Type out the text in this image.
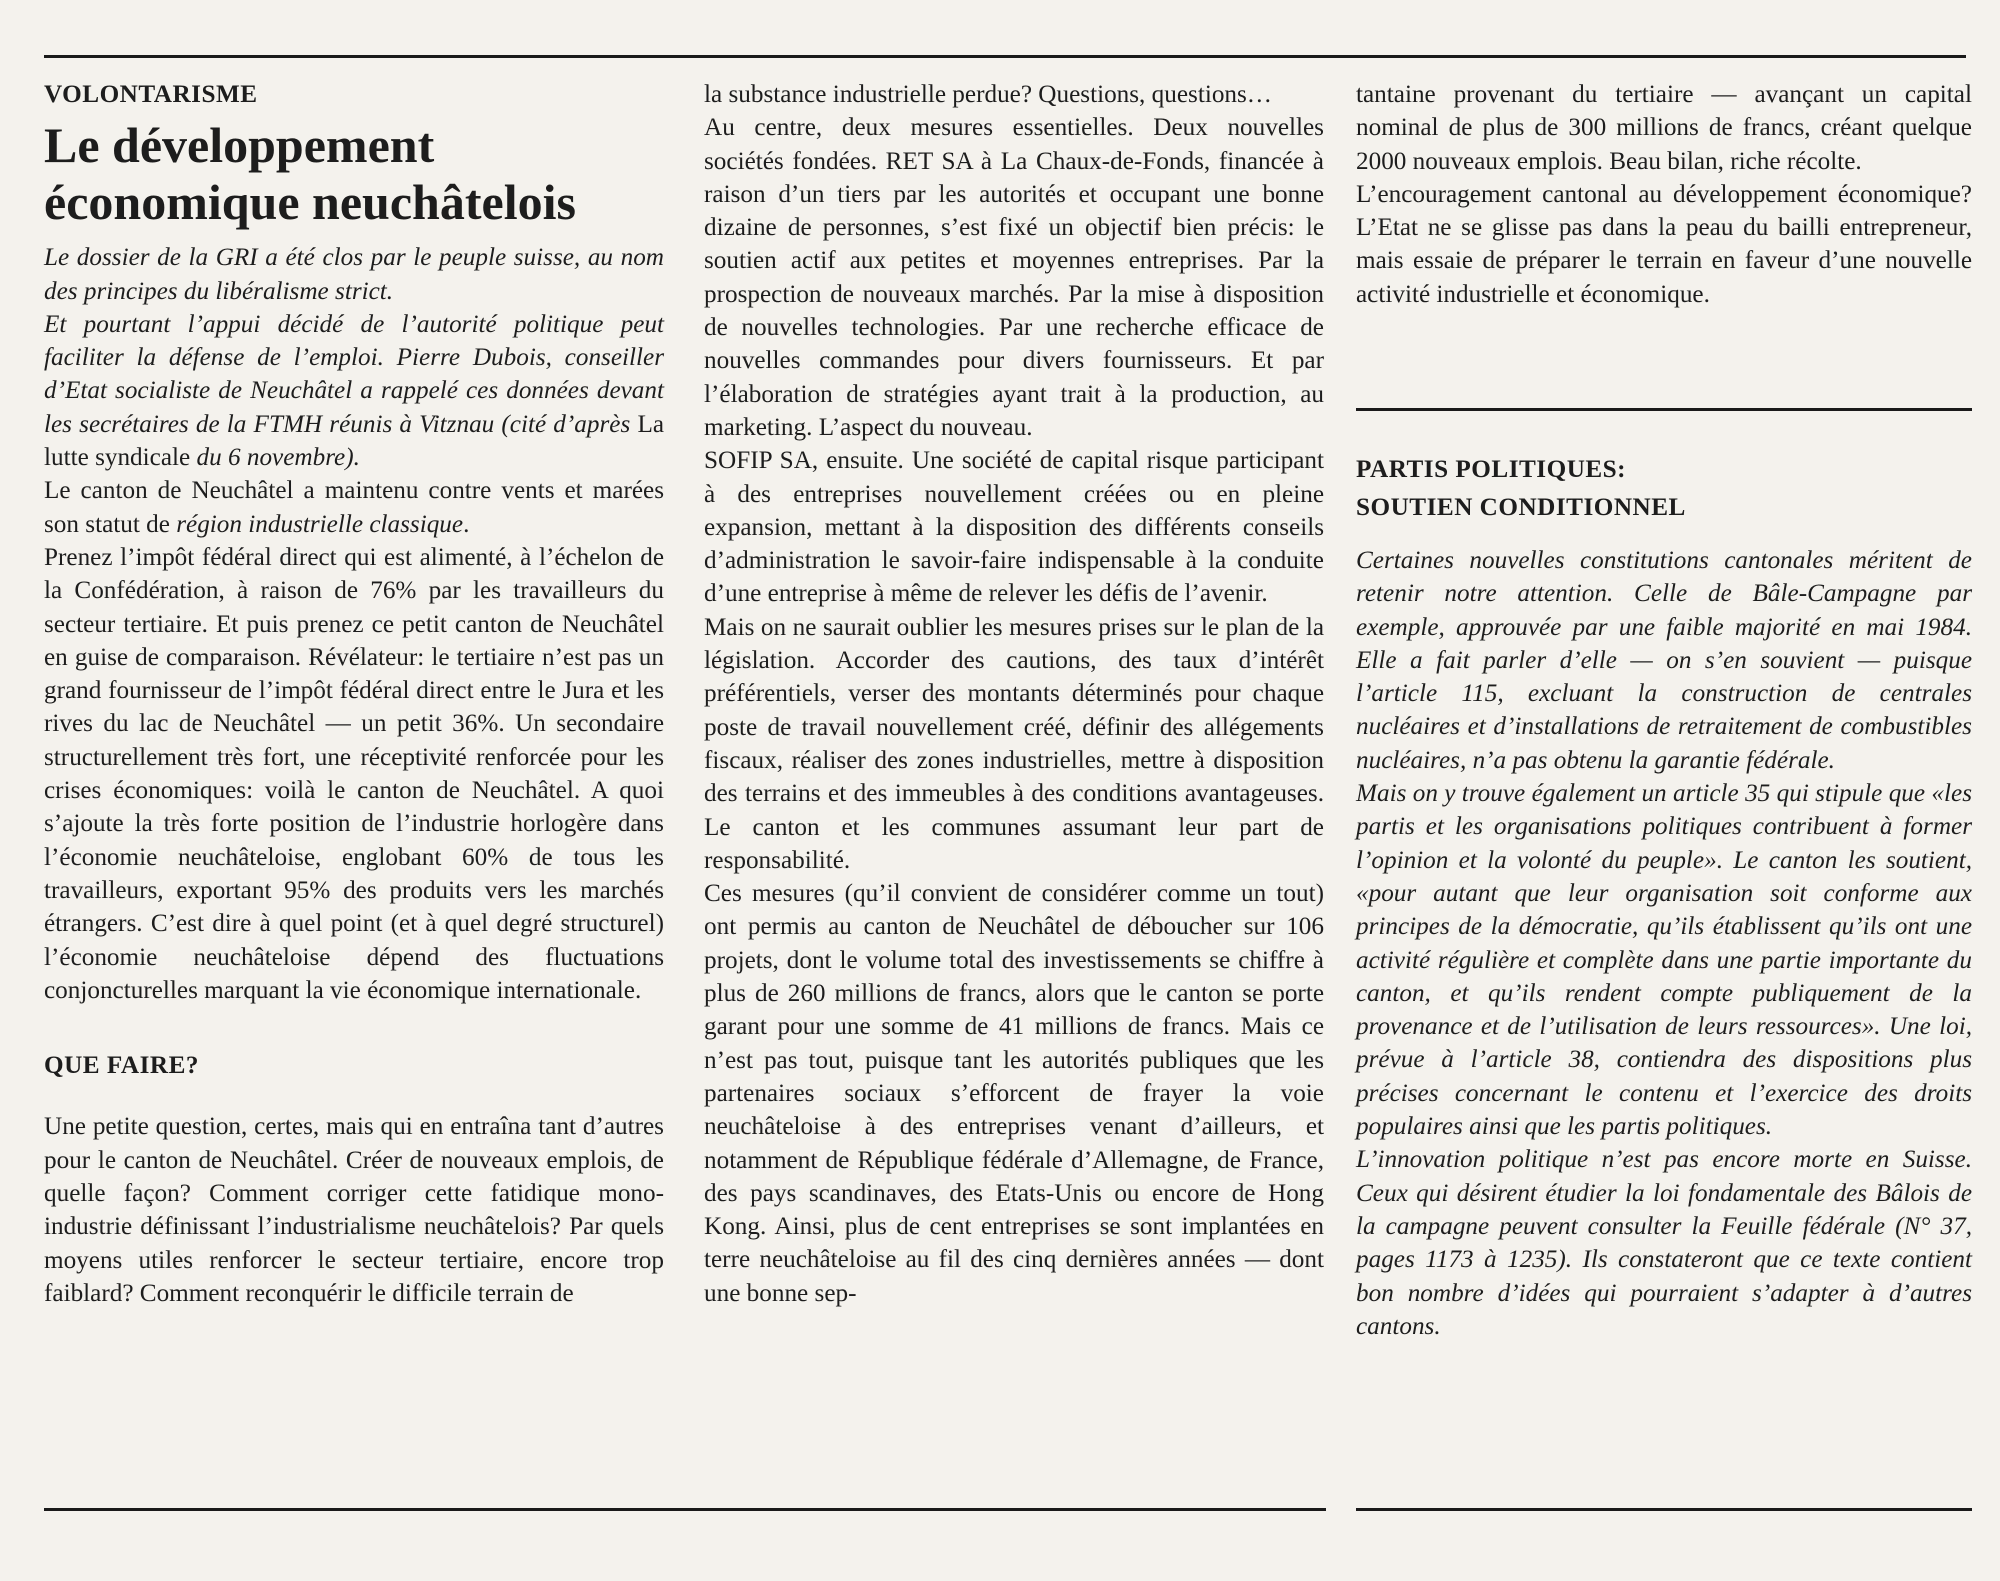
VOLONTARISME

Le développement
économique neuchâtelois

Le dossier de la GRI a été clos par le peuple suisse, au nom des principes du libéralisme strict.

Et pourtant l’appui décidé de l’autorité politique peut faciliter la défense de l’emploi. Pierre Dubois, conseiller d’Etat socialiste de Neuchâtel a rappelé ces données devant les secrétaires de la FTMH réunis à Vitznau (cité d’après La lutte syndicale du 6 novembre).

Le canton de Neuchâtel a maintenu contre vents et marées son statut de région industrielle classique.

Prenez l’impôt fédéral direct qui est alimenté, à l’échelon de la Confédération, à raison de 76% par les travailleurs du secteur tertiaire. Et puis prenez ce petit canton de Neuchâtel en guise de comparaison. Révélateur: le tertiaire n’est pas un grand fournisseur de l’impôt fédéral direct entre le Jura et les rives du lac de Neuchâtel — un petit 36%. Un secondaire structurellement très fort, une réceptivité renforcée pour les crises économiques: voilà le canton de Neuchâtel. A quoi s’ajoute la très forte position de l’industrie horlogère dans l’économie neuchâteloise, englobant 60% de tous les travailleurs, exportant 95% des produits vers les marchés étrangers. C’est dire à quel point (et à quel degré structurel) l’économie neuchâteloise dépend des fluctuations conjoncturelles marquant la vie économique internationale.

QUE FAIRE?

Une petite question, certes, mais qui en entraîna tant d’autres pour le canton de Neuchâtel. Créer de nouveaux emplois, de quelle façon? Comment corriger cette fatidique mono-industrie définissant l’industrialisme neuchâtelois? Par quels moyens utiles renforcer le secteur tertiaire, encore trop faiblard? Comment reconquérir le difficile terrain de

la substance industrielle perdue? Questions, questions…

Au centre, deux mesures essentielles. Deux nouvelles sociétés fondées. RET SA à La Chaux-de-Fonds, financée à raison d’un tiers par les autorités et occupant une bonne dizaine de personnes, s’est fixé un objectif bien précis: le soutien actif aux petites et moyennes entreprises. Par la prospection de nouveaux marchés. Par la mise à disposition de nouvelles technologies. Par une recherche efficace de nouvelles commandes pour divers fournisseurs. Et par l’élaboration de stratégies ayant trait à la production, au marketing. L’aspect du nouveau.

SOFIP SA, ensuite. Une société de capital risque participant à des entreprises nouvellement créées ou en pleine expansion, mettant à la disposition des différents conseils d’administration le savoir-faire indispensable à la conduite d’une entreprise à même de relever les défis de l’avenir.

Mais on ne saurait oublier les mesures prises sur le plan de la législation. Accorder des cautions, des taux d’intérêt préférentiels, verser des montants déterminés pour chaque poste de travail nouvellement créé, définir des allégements fiscaux, réaliser des zones industrielles, mettre à disposition des terrains et des immeubles à des conditions avantageuses. Le canton et les communes assumant leur part de responsabilité.

Ces mesures (qu’il convient de considérer comme un tout) ont permis au canton de Neuchâtel de déboucher sur 106 projets, dont le volume total des investissements se chiffre à plus de 260 millions de francs, alors que le canton se porte garant pour une somme de 41 millions de francs. Mais ce n’est pas tout, puisque tant les autorités publiques que les partenaires sociaux s’efforcent de frayer la voie neuchâteloise à des entreprises venant d’ailleurs, et notamment de République fédérale d’Allemagne, de France, des pays scandinaves, des Etats-Unis ou encore de Hong Kong. Ainsi, plus de cent entreprises se sont implantées en terre neuchâteloise au fil des cinq dernières années — dont une bonne sep-

tantaine provenant du tertiaire — avançant un capital nominal de plus de 300 millions de francs, créant quelque 2000 nouveaux emplois. Beau bilan, riche récolte.

L’encouragement cantonal au développement économique? L’Etat ne se glisse pas dans la peau du bailli entrepreneur, mais essaie de préparer le terrain en faveur d’une nouvelle activité industrielle et économique.

PARTIS POLITIQUES:

SOUTIEN CONDITIONNEL

Certaines nouvelles constitutions cantonales méritent de retenir notre attention. Celle de Bâle-Campagne par exemple, approuvée par une faible majorité en mai 1984. Elle a fait parler d’elle — on s’en souvient — puisque l’article 115, excluant la construction de centrales nucléaires et d’installations de retraitement de combustibles nucléaires, n’a pas obtenu la garantie fédérale.

Mais on y trouve également un article 35 qui stipule que «les partis et les organisations politiques contribuent à former l’opinion et la volonté du peuple». Le canton les soutient, «pour autant que leur organisation soit conforme aux principes de la démocratie, qu’ils établissent qu’ils ont une activité régulière et complète dans une partie importante du canton, et qu’ils rendent compte publiquement de la provenance et de l’utilisation de leurs ressources». Une loi, prévue à l’article 38, contiendra des dispositions plus précises concernant le contenu et l’exercice des droits populaires ainsi que les partis politiques.

L’innovation politique n’est pas encore morte en Suisse. Ceux qui désirent étudier la loi fondamentale des Bâlois de la campagne peuvent consulter la Feuille fédérale (N° 37, pages 1173 à 1235). Ils constateront que ce texte contient bon nombre d’idées qui pourraient s’adapter à d’autres cantons.
